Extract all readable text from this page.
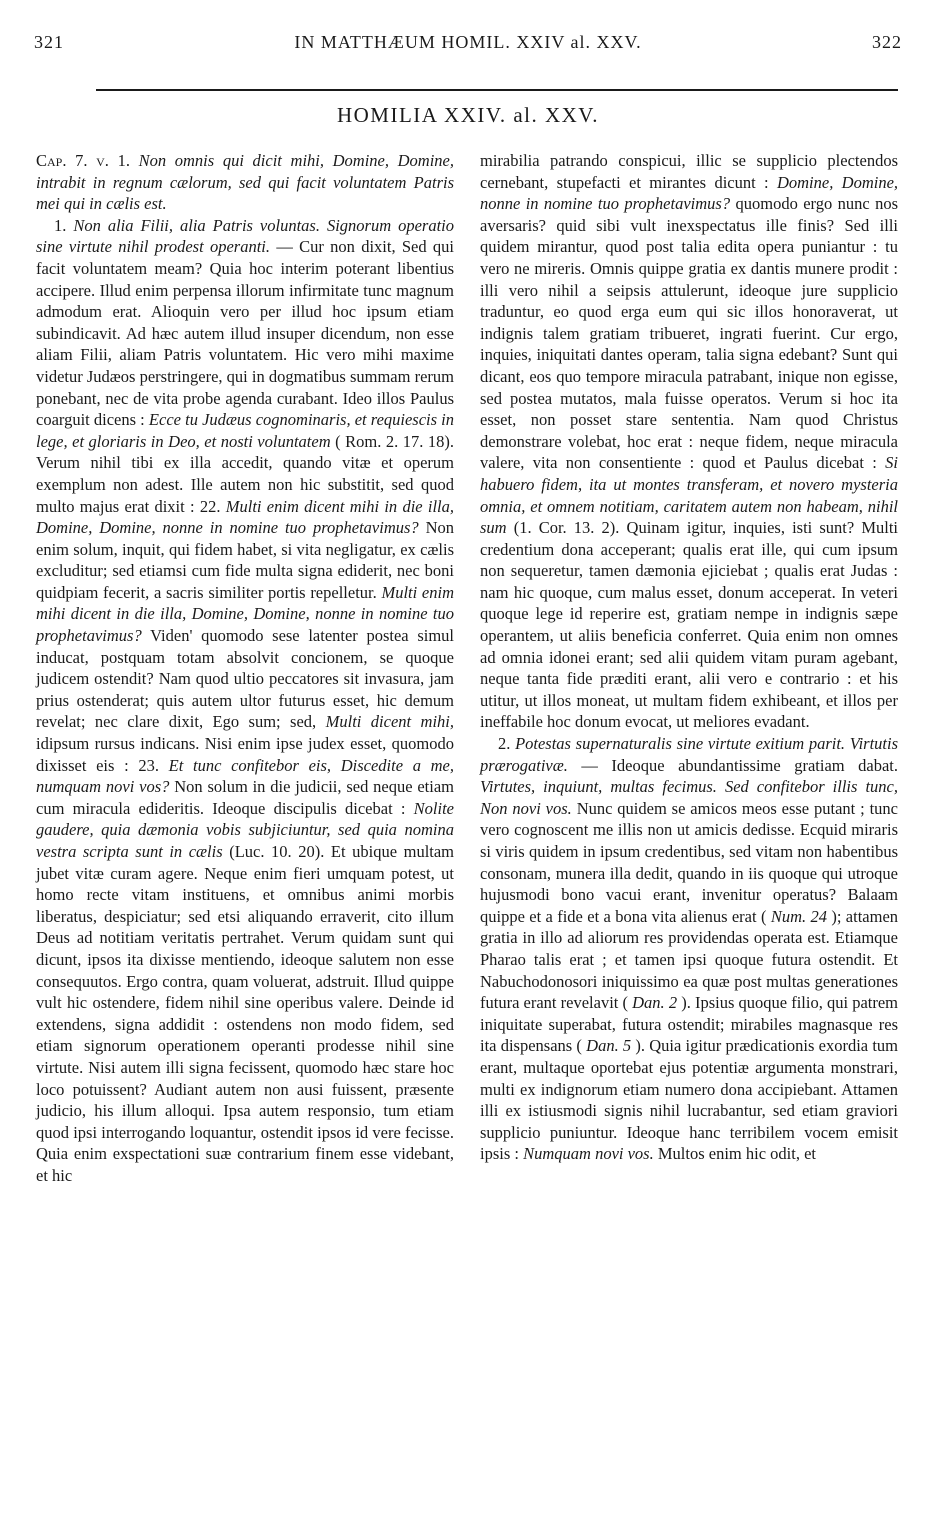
321	IN MATTHÆUM HOMIL. XXIV al. XXV.	322
HOMILIA XXIV. al. XXV.

Cap. 7. v. 1. Non omnis qui dicit mihi, Domine, Domine, intrabit in regnum cælorum, sed qui facit voluntatem Patris mei qui in cælis est.

1. Non alia Filii, alia Patris voluntas. Signorum operatio sine virtute nihil prodest operanti. — Cur non dixit, Sed qui facit voluntatem meam? Quia hoc interim poterant libentius accipere. Illud enim perpensa illorum infirmitate tunc magnum admodum erat. Alioquin vero per illud hoc ipsum etiam subindicavit. Ad hæc autem illud insuper dicendum, non esse aliam Filii, aliam Patris voluntatem. Hic vero mihi maxime videtur Judæos perstringere, qui in dogmatibus summam rerum ponebant, nec de vita probe agenda curabant. Ideo illos Paulus coarguit dicens : Ecce tu Judæus cognominaris, et requiescis in lege, et gloriaris in Deo, et nosti voluntatem ( Rom. 2. 17. 18). Verum nihil tibi ex illa accedit, quando vitæ et operum exemplum non adest. Ille autem non hic substitit, sed quod multo majus erat dixit : 22. Multi enim dicent mihi in die illa, Domine, Domine, nonne in nomine tuo prophetavimus? Non enim solum, inquit, qui fidem habet, si vita negligatur, ex cælis excluditur; sed etiamsi cum fide multa signa ediderit, nec boni quidpiam fecerit, a sacris similiter portis repelletur. Multi enim mihi dicent in die illa, Domine, Domine, nonne in nomine tuo prophetavimus? Viden' quomodo sese latenter postea simul inducat, postquam totam absolvit concionem, se quoque judicem ostendit? Nam quod ultio peccatores sit invasura, jam prius ostenderat; quis autem ultor futurus esset, hic demum revelat; nec clare dixit, Ego sum; sed, Multi dicent mihi, idipsum rursus indicans. Nisi enim ipse judex esset, quomodo dixisset eis : 23. Et tunc confitebor eis, Discedite a me, numquam novi vos? Non solum in die judicii, sed neque etiam cum miracula edideritis. Ideoque discipulis dicebat : Nolite gaudere, quia dæmonia vobis subjiciuntur, sed quia nomina vestra scripta sunt in cælis (Luc. 10. 20). Et ubique multam jubet vitæ curam agere. Neque enim fieri umquam potest, ut homo recte vitam instituens, et omnibus animi morbis liberatus, despiciatur; sed etsi aliquando erraverit, cito illum Deus ad notitiam veritatis pertrahet. Verum quidam sunt qui dicunt, ipsos ita dixisse mentiendo, ideoque salutem non esse consequutos. Ergo contra, quam voluerat, adstruit. Illud quippe vult hic ostendere, fidem nihil sine operibus valere. Deinde id extendens, signa addidit : ostendens non modo fidem, sed etiam signorum operationem operanti prodesse nihil sine virtute. Nisi autem illi signa fecissent, quomodo hæc stare hoc loco potuissent? Audiant autem non ausi fuissent, præsente judicio, his illum alloqui. Ipsa autem responsio, tum etiam quod ipsi interrogando loquantur, ostendit ipsos id vere fecisse. Quia enim exspectationi suæ contrarium finem esse videbant, et hic

mirabilia patrando conspicui, illic se supplicio plectendos cernebant, stupefacti et mirantes dicunt : Domine, Domine, nonne in nomine tuo prophetavimus? quomodo ergo nunc nos aversaris? quid sibi vult inexspectatus ille finis? Sed illi quidem mirantur, quod post talia edita opera puniantur : tu vero ne mireris. Omnis quippe gratia ex dantis munere prodit : illi vero nihil a seipsis attulerunt, ideoque jure supplicio traduntur, eo quod erga eum qui sic illos honoraverat, ut indignis talem gratiam tribueret, ingrati fuerint. Cur ergo, inquies, iniquitati dantes operam, talia signa edebant? Sunt qui dicant, eos quo tempore miracula patrabant, inique non egisse, sed postea mutatos, mala fuisse operatos. Verum si hoc ita esset, non posset stare sententia. Nam quod Christus demonstrare volebat, hoc erat : neque fidem, neque miracula valere, vita non consentiente : quod et Paulus dicebat : Si habuero fidem, ita ut montes transferam, et novero mysteria omnia, et omnem notitiam, caritatem autem non habeam, nihil sum (1. Cor. 13. 2). Quinam igitur, inquies, isti sunt? Multi credentium dona acceperant; qualis erat ille, qui cum ipsum non sequeretur, tamen dæmonia ejiciebat ; qualis erat Judas : nam hic quoque, cum malus esset, donum acceperat. In veteri quoque lege id reperire est, gratiam nempe in indignis sæpe operantem, ut aliis beneficia conferret. Quia enim non omnes ad omnia idonei erant; sed alii quidem vitam puram agebant, neque tanta fide præditi erant, alii vero e contrario : et his utitur, ut illos moneat, ut multam fidem exhibeant, et illos per ineffabile hoc donum evocat, ut meliores evadant.

2. Potestas supernaturalis sine virtute exitium parit. Virtutis prærogativæ. — Ideoque abundantissime gratiam dabat. Virtutes, inquiunt, multas fecimus. Sed confitebor illis tunc, Non novi vos. Nunc quidem se amicos meos esse putant ; tunc vero cognoscent me illis non ut amicis dedisse. Ecquid miraris si viris quidem in ipsum credentibus, sed vitam non habentibus consonam, munera illa dedit, quando in iis quoque qui utroque hujusmodi bono vacui erant, invenitur operatus? Balaam quippe et a fide et a bona vita alienus erat ( Num. 24 ); attamen gratia in illo ad aliorum res providendas operata est. Etiamque Pharao talis erat ; et tamen ipsi quoque futura ostendit. Et Nabuchodonosori iniquissimo ea quæ post multas generationes futura erant revelavit ( Dan. 2 ). Ipsius quoque filio, qui patrem iniquitate superabat, futura ostendit; mirabiles magnasque res ita dispensans ( Dan. 5 ). Quia igitur prædicationis exordia tum erant, multaque oportebat ejus potentiæ argumenta monstrari, multi ex indignorum etiam numero dona accipiebant. Attamen illi ex istiusmodi signis nihil lucrabantur, sed etiam graviori supplicio puniuntur. Ideoque hanc terribilem vocem emisit ipsis : Numquam novi vos. Multos enim hic odit, et
